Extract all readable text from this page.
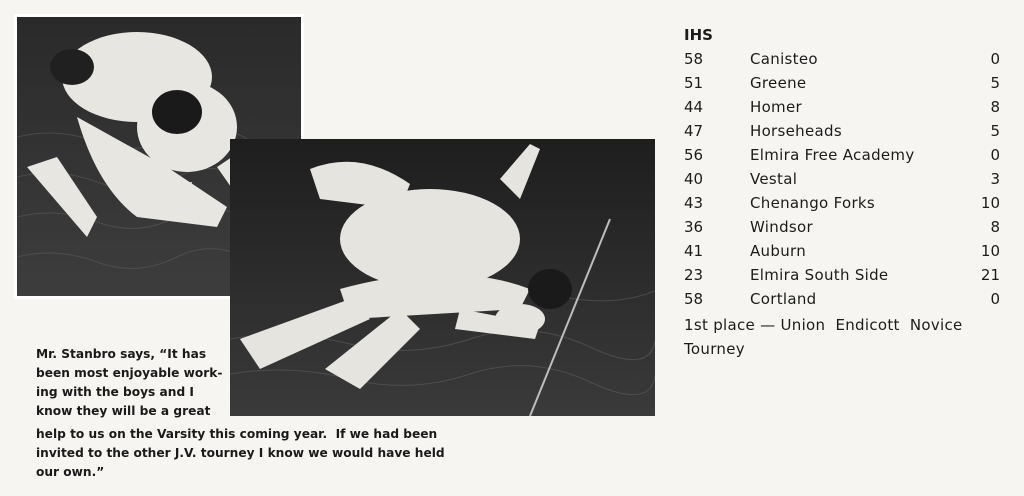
Mr. Stanbro says, “It has
been most enjoyable work-
ing with the boys and I
know they will be a great
help to us on the Varsity this coming year.  If we had been
invited to the other J.V. tourney I know we would have held
our own.”
IHS
58	Canisteo	0
51	Greene	5
44	Homer	8
47	Horseheads	5
56	Elmira Free Academy	0
40	Vestal	3
43	Chenango Forks	10
36	Windsor	8
41	Auburn	10
23	Elmira South Side	21
58	Cortland	0
1st place — Union  Endicott  Novice
Tourney
